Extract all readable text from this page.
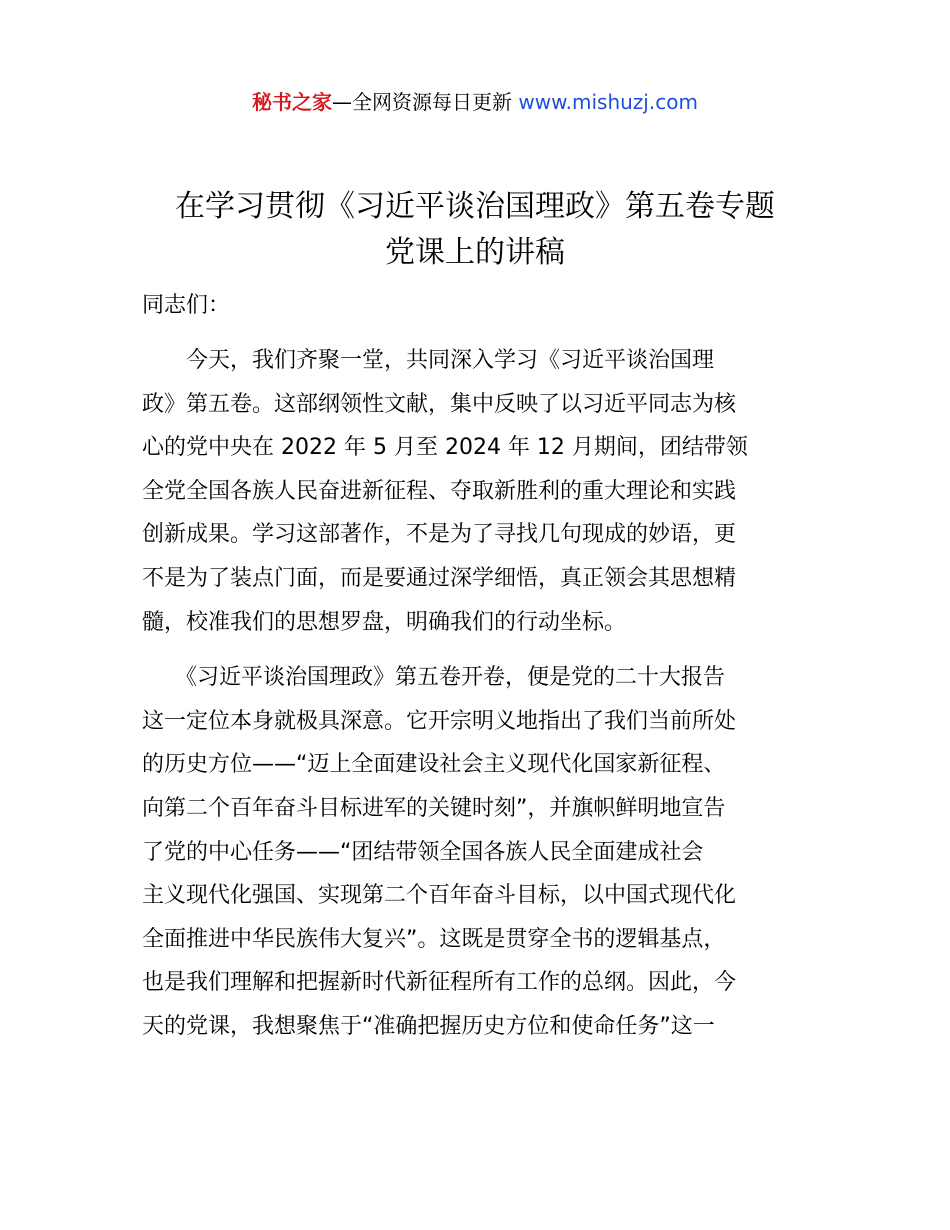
秘书之家—全网资源每日更新 www.mishuzj.com
在学习贯彻《习近平谈治国理政》第五卷专题
党课上的讲稿
同志们：
　　今天，我们齐聚一堂，共同深入学习《习近平谈治国理
政》第五卷。这部纲领性文献，集中反映了以习近平同志为核
心的党中央在 2022 年 5 月至 2024 年 12 月期间，团结带领
全党全国各族人民奋进新征程、夺取新胜利的重大理论和实践
创新成果。学习这部著作，不是为了寻找几句现成的妙语，更
不是为了装点门面，而是要通过深学细悟，真正领会其思想精
髓，校准我们的思想罗盘，明确我们的行动坐标。
　　《习近平谈治国理政》第五卷开卷，便是党的二十大报告
这一定位本身就极具深意。它开宗明义地指出了我们当前所处
的历史方位——“迈上全面建设社会主义现代化国家新征程、
向第二个百年奋斗目标进军的关键时刻”，并旗帜鲜明地宣告
了党的中心任务——“团结带领全国各族人民全面建成社会
主义现代化强国、实现第二个百年奋斗目标，以中国式现代化
全面推进中华民族伟大复兴”。这既是贯穿全书的逻辑基点，
也是我们理解和把握新时代新征程所有工作的总纲。因此，今
天的党课，我想聚焦于“准确把握历史方位和使命任务”这一
